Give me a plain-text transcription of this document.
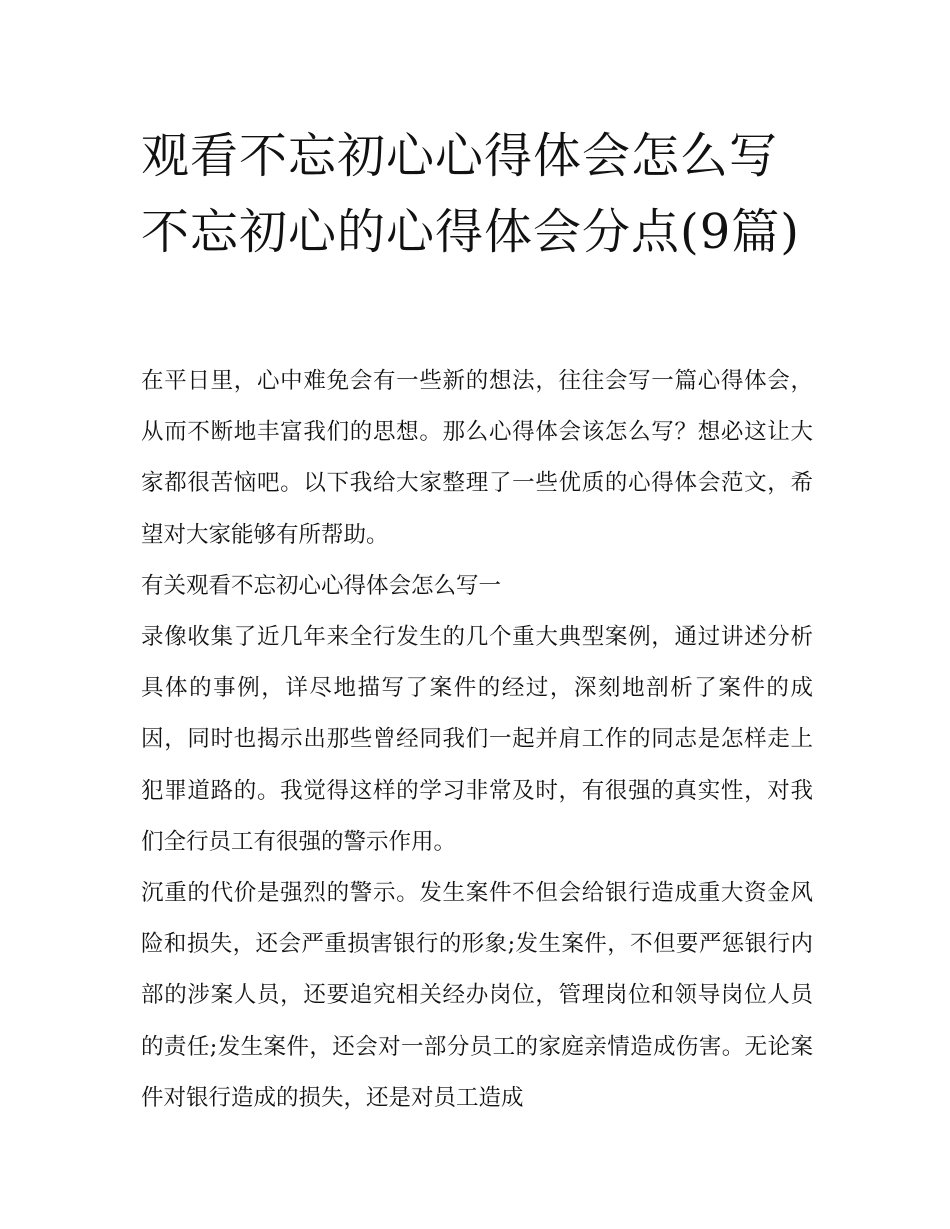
观看不忘初心心得体会怎么写不忘初心的心得体会分点(9篇)

在平日里，心中难免会有一些新的想法，往往会写一篇心得体会，从而不断地丰富我们的思想。那么心得体会该怎么写？想必这让大家都很苦恼吧。以下我给大家整理了一些优质的心得体会范文，希望对大家能够有所帮助。

有关观看不忘初心心得体会怎么写一

录像收集了近几年来全行发生的几个重大典型案例，通过讲述分析具体的事例，详尽地描写了案件的经过，深刻地剖析了案件的成因，同时也揭示出那些曾经同我们一起并肩工作的同志是怎样走上犯罪道路的。我觉得这样的学习非常及时，有很强的真实性，对我们全行员工有很强的警示作用。

沉重的代价是强烈的警示。发生案件不但会给银行造成重大资金风险和损失，还会严重损害银行的形象;发生案件，不但要严惩银行内部的涉案人员，还要追究相关经办岗位，管理岗位和领导岗位人员的责任;发生案件，还会对一部分员工的家庭亲情造成伤害。无论案件对银行造成的损失，还是对员工造成
